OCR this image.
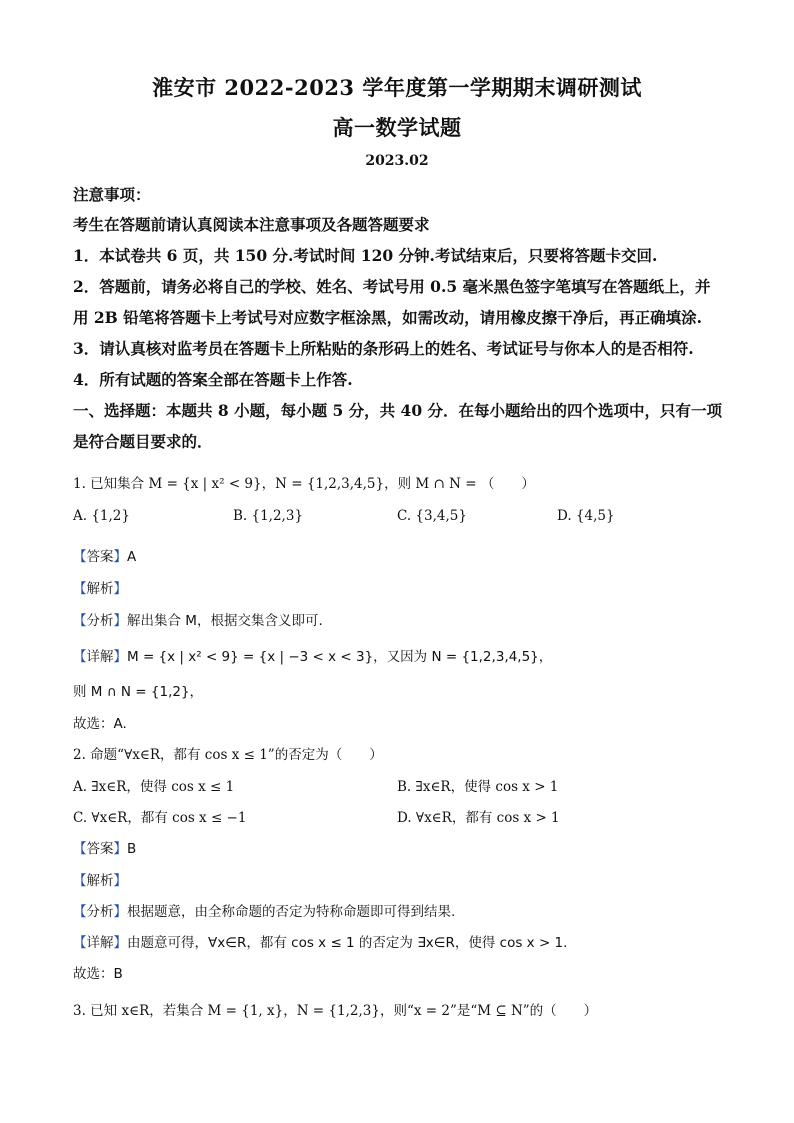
淮安市 2022-2023 学年度第一学期期末调研测试
高一数学试题
2023.02
注意事项：
考生在答题前请认真阅读本注意事项及各题答题要求
1．本试卷共 6 页，共 150 分.考试时间 120 分钟.考试结束后，只要将答题卡交回.
2．答题前，请务必将自己的学校、姓名、考试号用 0.5 毫米黑色签字笔填写在答题纸上，并
用 2B 铅笔将答题卡上考试号对应数字框涂黑，如需改动，请用橡皮擦干净后，再正确填涂.
3．请认真核对监考员在答题卡上所粘贴的条形码上的姓名、考试证号与你本人的是否相符.
4．所有试题的答案全部在答题卡上作答.
一、选择题：本题共 8 小题，每小题 5 分，共 40 分．在每小题给出的四个选项中，只有一项
是符合题目要求的．
1. 已知集合 M = {x | x² < 9}，N = {1,2,3,4,5}，则 M ∩ N = （　　）
A. {1,2}	B. {1,2,3}	C. {3,4,5}	D. {4,5}
【答案】A
【解析】
【分析】解出集合 M，根据交集含义即可.
【详解】M = {x | x² < 9} = {x | −3 < x < 3}，又因为 N = {1,2,3,4,5}，
则 M ∩ N = {1,2}，
故选：A.
2. 命题“∀x∈R，都有 cos x ≤ 1”的否定为（　　）
A. ∃x∈R，使得 cos x ≤ 1	B. ∃x∈R，使得 cos x > 1
C. ∀x∈R，都有 cos x ≤ −1	D. ∀x∈R，都有 cos x > 1
【答案】B
【解析】
【分析】根据题意，由全称命题的否定为特称命题即可得到结果.
【详解】由题意可得，∀x∈R，都有 cos x ≤ 1 的否定为 ∃x∈R，使得 cos x > 1.
故选：B
3. 已知 x∈R，若集合 M = {1, x}，N = {1,2,3}，则“x = 2”是“M ⊆ N”的（　　）
